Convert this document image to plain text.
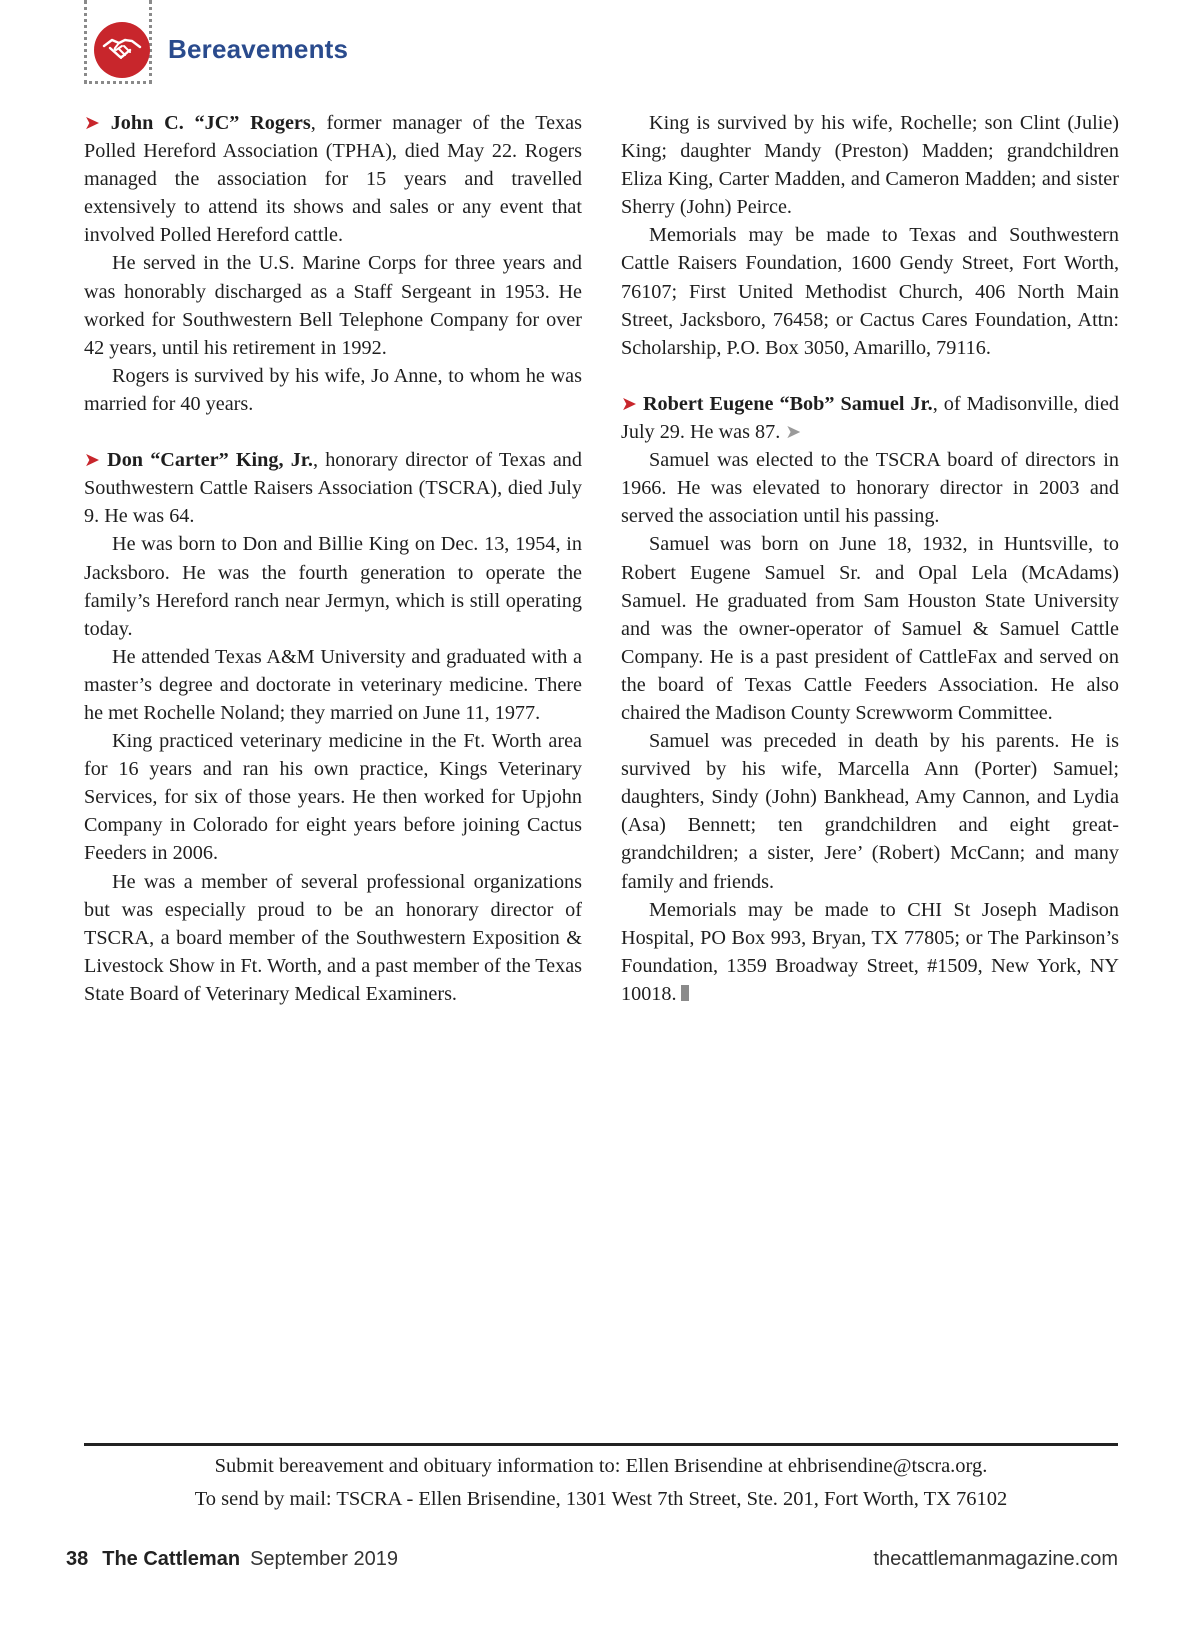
Bereavements

➤ John C. “JC” Rogers, former manager of the Texas Polled Hereford Association (TPHA), died May 22. Rogers managed the association for 15 years and travelled extensively to attend its shows and sales or any event that involved Polled Hereford cattle.

He served in the U.S. Marine Corps for three years and was honorably discharged as a Staff Sergeant in 1953. He worked for Southwestern Bell Telephone Company for over 42 years, until his retirement in 1992.

Rogers is survived by his wife, Jo Anne, to whom he was married for 40 years.

➤ Don “Carter” King, Jr., honorary director of Texas and Southwestern Cattle Raisers Association (TSCRA), died July 9. He was 64.

He was born to Don and Billie King on Dec. 13, 1954, in Jacksboro. He was the fourth generation to operate the family’s Hereford ranch near Jermyn, which is still operating today.

He attended Texas A&M University and graduated with a master’s degree and doctorate in veterinary medicine. There he met Rochelle Noland; they married on June 11, 1977.

King practiced veterinary medicine in the Ft. Worth area for 16 years and ran his own practice, Kings Veterinary Services, for six of those years. He then worked for Upjohn Company in Colorado for eight years before joining Cactus Feeders in 2006.

He was a member of several professional organizations but was especially proud to be an honorary director of TSCRA, a board member of the Southwestern Exposition & Livestock Show in Ft. Worth, and a past member of the Texas State Board of Veterinary Medical Examiners.

King is survived by his wife, Rochelle; son Clint (Julie) King; daughter Mandy (Preston) Madden; grandchildren Eliza King, Carter Madden, and Cameron Madden; and sister Sherry (John) Peirce.

Memorials may be made to Texas and Southwestern Cattle Raisers Foundation, 1600 Gendy Street, Fort Worth, 76107; First United Methodist Church, 406 North Main Street, Jacksboro, 76458; or Cactus Cares Foundation, Attn: Scholarship, P.O. Box 3050, Amarillo, 79116.

➤ Robert Eugene “Bob” Samuel Jr., of Madisonville, died July 29. He was 87. ➤

Samuel was elected to the TSCRA board of directors in 1966. He was elevated to honorary director in 2003 and served the association until his passing.

Samuel was born on June 18, 1932, in Huntsville, to Robert Eugene Samuel Sr. and Opal Lela (McAdams) Samuel. He graduated from Sam Houston State University and was the owner-operator of Samuel & Samuel Cattle Company. He is a past president of CattleFax and served on the board of Texas Cattle Feeders Association. He also chaired the Madison County Screwworm Committee.

Samuel was preceded in death by his parents. He is survived by his wife, Marcella Ann (Porter) Samuel; daughters, Sindy (John) Bankhead, Amy Cannon, and Lydia (Asa) Bennett; ten grandchildren and eight great-grandchildren; a sister, Jere’ (Robert) McCann; and many family and friends.

Memorials may be made to CHI St Joseph Madison Hospital, PO Box 993, Bryan, TX 77805; or The Parkinson’s Foundation, 1359 Broadway Street, #1509, New York, NY 10018.

Submit bereavement and obituary information to: Ellen Brisendine at ehbrisendine@tscra.org.
To send by mail: TSCRA - Ellen Brisendine, 1301 West 7th Street, Ste. 201, Fort Worth, TX 76102
38 The Cattleman September 2019	thecattlemanmagazine.com
